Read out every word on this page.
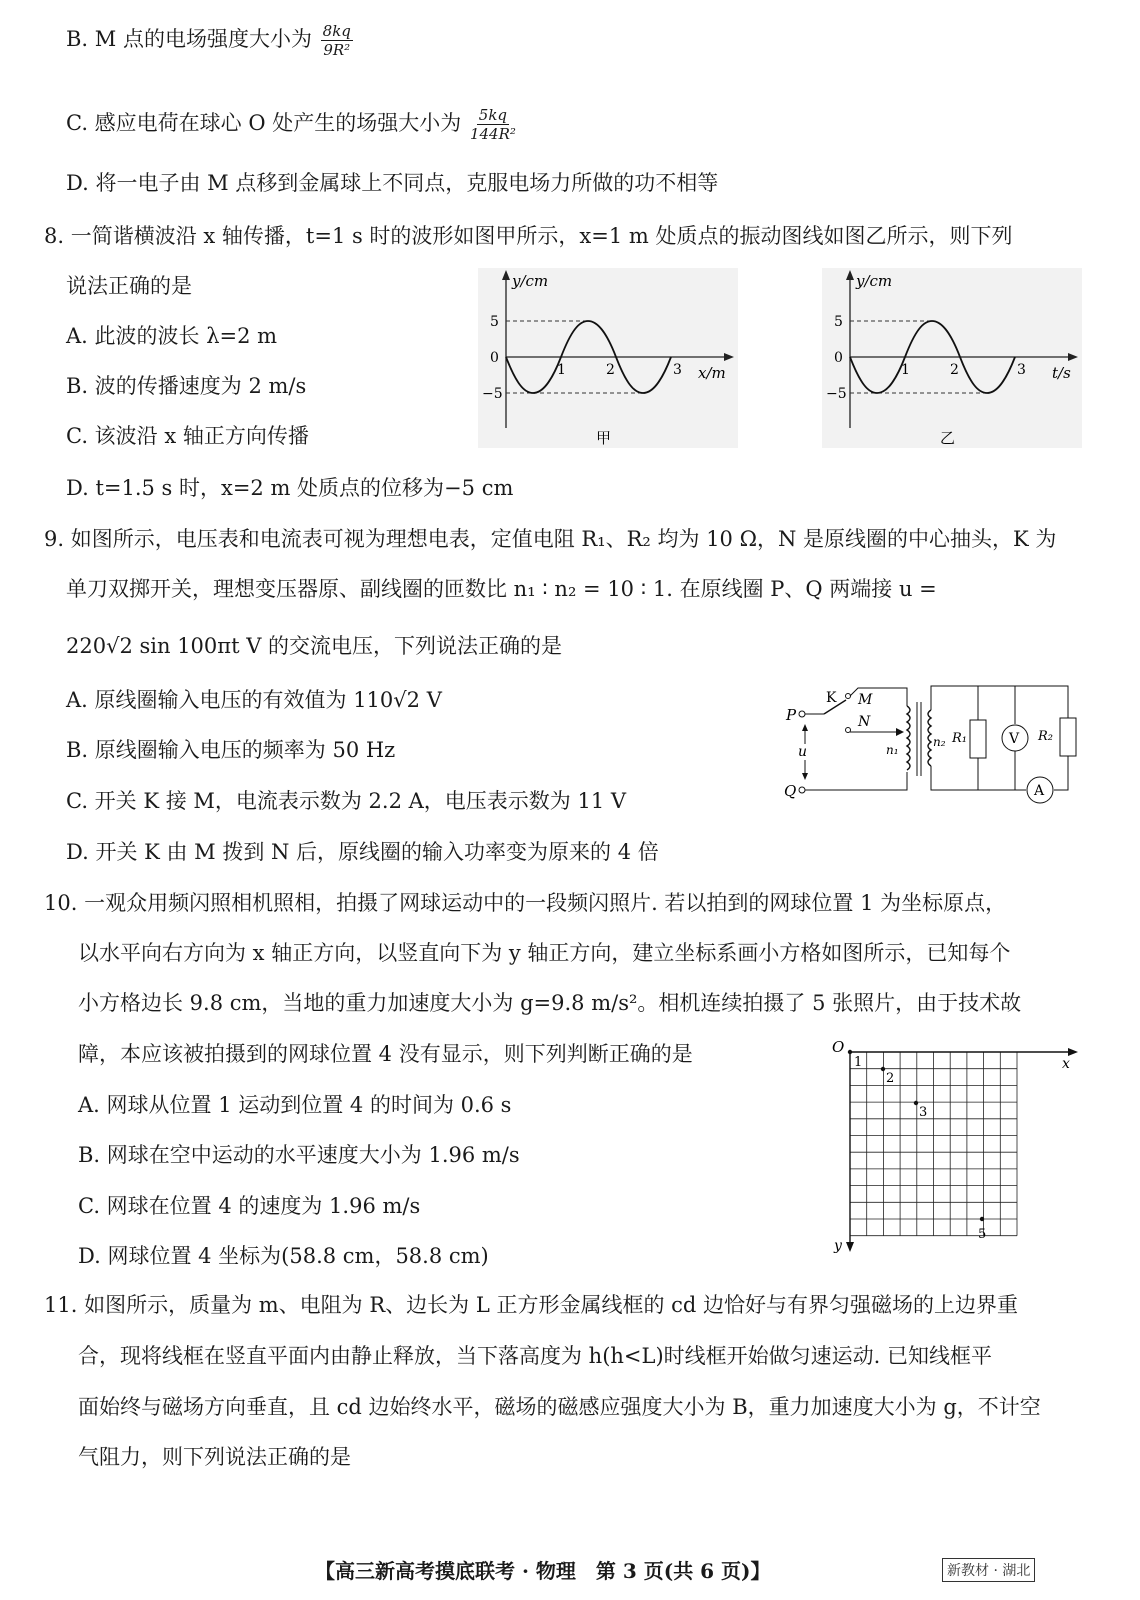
B. M 点的电场强度大小为 $\frac{8kq}{\text{9R²}}$
C. 感应电荷在球心 O 处产生的场强大小为 $\frac{5kq}{\text{144R²}}$
D. 将一电子由 M 点移到金属球上不同点，克服电场力所做的功不相等
8. 一简谐横波沿 x 轴传播，t=1 s 时的波形如图甲所示，x=1 m 处质点的振动图线如图乙所示，则下列
说法正确的是
A. 此波的波长 λ=2 m
B. 波的传播速度为 2 m/s
C. 该波沿 x 轴正方向传播
D. t=1.5 s 时，x=2 m 处质点的位移为−5 cm
y/cm
5
0
−5
1	2	3 x/m
甲
y/cm
5
0
−5
1	2	3 t/s
乙
9. 如图所示，电压表和电流表可视为理想电表，定值电阻 R₁、R₂ 均为 10 Ω，N 是原线圈的中心抽头，K 为
单刀双掷开关，理想变压器原、副线圈的匝数比 n₁ ∶ n₂ = 10 ∶ 1. 在原线圈 P、Q 两端接 u =
220√2 sin 100πt V 的交流电压，下列说法正确的是
A. 原线圈输入电压的有效值为 110√2 V
B. 原线圈输入电压的频率为 50 Hz
C. 开关 K 接 M，电流表示数为 2.2 A，电压表示数为 11 V
D. 开关 K 由 M 拨到 N 后，原线圈的输入功率变为原来的 4 倍
P
Q
u
K M
N
n₁
n₂ R₁	V R₂
A
10. 一观众用频闪照相机照相，拍摄了网球运动中的一段频闪照片. 若以拍到的网球位置 1 为坐标原点，
以水平向右方向为 x 轴正方向，以竖直向下为 y 轴正方向，建立坐标系画小方格如图所示，已知每个
小方格边长 9.8 cm，当地的重力加速度大小为 g=9.8 m/s²。相机连续拍摄了 5 张照片，由于技术故
障，本应该被拍摄到的网球位置 4 没有显示，则下列判断正确的是
A. 网球从位置 1 运动到位置 4 的时间为 0.6 s
B. 网球在空中运动的水平速度大小为 1.96 m/s
C. 网球在位置 4 的速度为 1.96 m/s
D. 网球位置 4 坐标为(58.8 cm，58.8 cm)
O
x
y
1
2
3
5
11. 如图所示，质量为 m、电阻为 R、边长为 L 正方形金属线框的 cd 边恰好与有界匀强磁场的上边界重
合，现将线框在竖直平面内由静止释放，当下落高度为 h(h<L)时线框开始做匀速运动. 已知线框平
面始终与磁场方向垂直，且 cd 边始终水平，磁场的磁感应强度大小为 B，重力加速度大小为 g，不计空
气阻力，则下列说法正确的是
【高三新高考摸底联考 · 物理　第 3 页(共 6 页)】	新教材 · 湖北
